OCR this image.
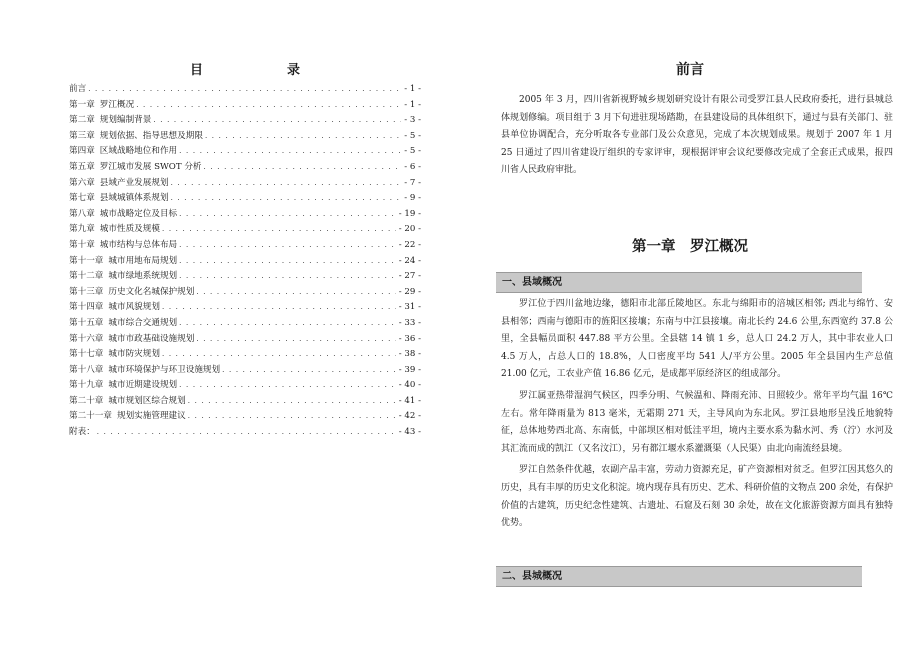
目	录
前言 . . .	- 1 -
第一章 罗江概况 . . .	- 1 -
第二章 规划编制背景 . . .	- 3 -
第三章 规划依据、指导思想及期限 . . .	- 5 -
第四章 区域战略地位和作用 . . .	- 5 -
第五章 罗江城市发展 SWOT 分析 . . .	- 6 -
第六章 县域产业发展规划 . . .	- 7 -
第七章 县域城镇体系规划 . . .	- 9 -
第八章 城市战略定位及目标 . . .	- 19 -
第九章 城市性质及规模 . . .	- 20 -
第十章 城市结构与总体布局 . . .	- 22 -
第十一章 城市用地布局规划 . . .	- 24 -
第十二章 城市绿地系统规划 . . .	- 27 -
第十三章 历史文化名城保护规划 . . .	- 29 -
第十四章 城市风貌规划 . . .	- 31 -
第十五章 城市综合交通规划 . . .	- 33 -
第十六章 城市市政基础设施规划 . . .	- 36 -
第十七章 城市防灾规划 . . .	- 38 -
第十八章 城市环境保护与环卫设施规划 . . .	- 39 -
第十九章 城市近期建设规划 . . .	- 40 -
第二十章 城市规划区综合规划 . . .	- 41 -
第二十一章 规划实施管理建议 . . .	- 42 -
附表： . . .	- 43 -
前言

2005 年 3 月，四川省新视野城乡规划研究设计有限公司受罗江县人民政府委托，进行县城总体规划修编。项目组于 3 月下旬进驻现场踏勘，在县建设局的具体组织下，通过与县有关部门、驻县单位协调配合，充分听取各专业部门及公众意见，完成了本次规划成果。规划于 2007 年 1 月 25 日通过了四川省建设厅组织的专家评审，现根据评审会议纪要修改完成了全套正式成果，报四川省人民政府审批。

第一章　罗江概况
一、县域概况

罗江位于四川盆地边缘，德阳市北部丘陵地区。东北与绵阳市的涪城区相邻; 西北与绵竹、安县相邻；西南与德阳市的旌阳区接壤；东南与中江县接壤。南北长约 24.6 公里,东西宽约 37.8 公里，全县幅员面积 447.88 平方公里。全县辖 14 镇 1 乡，总人口 24.2 万人，其中非农业人口 4.5 万人，占总人口的 18.8%，人口密度平均 541 人/平方公里。2005 年全县国内生产总值 21.00 亿元，工农业产值 16.86 亿元，是成都平原经济区的组成部分。

罗江属亚热带湿润气候区，四季分明、气候温和、降雨充沛、日照较少。常年平均气温 16℃左右。常年降雨量为 813 毫米，无霜期 271 天，主导风向为东北风。罗江县地形呈浅丘地貌特征，总体地势西北高、东南低，中部坝区相对低洼平坦，境内主要水系为黏水河、秀（泞）水河及其汇流而成的凯江（又名汶江），另有都江堰水系灌溉渠（人民渠）由北向南流经县境。

罗江自然条件优越，农副产品丰富，劳动力资源充足，矿产资源相对贫乏。但罗江因其悠久的历史，具有丰厚的历史文化积淀。境内现存具有历史、艺术、科研价值的文物点 200 余处，有保护价值的古建筑，历史纪念性建筑、古遗址、石窟及石刻 30 余处，故在文化旅游资源方面具有独特优势。

二、县城概况
